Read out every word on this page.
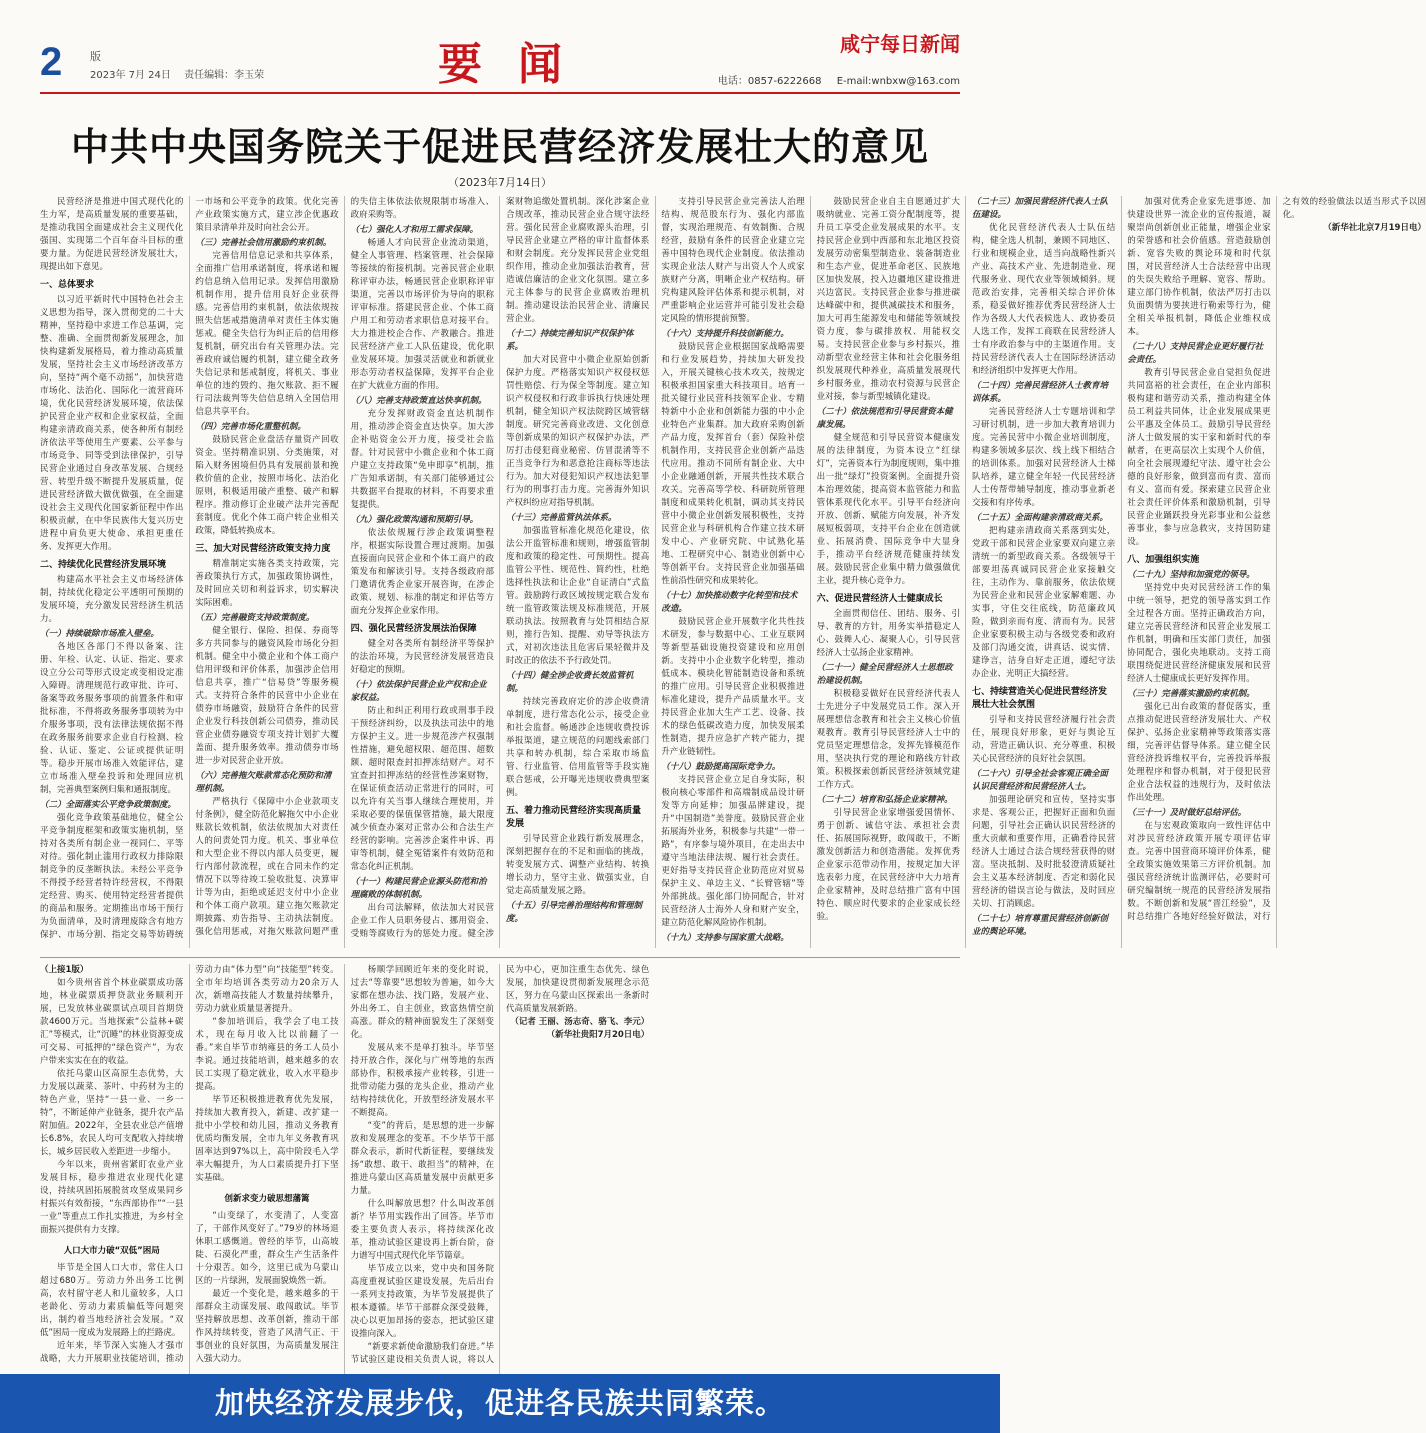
2	版
2023年 7月 24日 责任编辑：李玉荣	要闻	咸宁每日新闻
电话：0857-6222668 E-mail:wnbxw@163.com
中共中央国务院关于促进民营经济发展壮大的意见
（2023年7月14日）

民营经济是推进中国式现代化的生力军，是高质量发展的重要基础，是推动我国全面建成社会主义现代化强国、实现第二个百年奋斗目标的重要力量。为促进民营经济发展壮大，现提出如下意见。

一、总体要求

以习近平新时代中国特色社会主义思想为指导，深入贯彻党的二十大精神，坚持稳中求进工作总基调，完整、准确、全面贯彻新发展理念，加快构建新发展格局，着力推动高质量发展，坚持社会主义市场经济改革方向，坚持“两个毫不动摇”，加快营造市场化、法治化、国际化一流营商环境，优化民营经济发展环境，依法保护民营企业产权和企业家权益，全面构建亲清政商关系，使各种所有制经济依法平等使用生产要素、公平参与市场竞争、同等受到法律保护，引导民营企业通过自身改革发展、合规经营、转型升级不断提升发展质量，促进民营经济做大做优做强，在全面建设社会主义现代化国家新征程中作出积极贡献，在中华民族伟大复兴历史进程中肩负更大使命、承担更重任务、发挥更大作用。

二、持续优化民营经济发展环境

构建高水平社会主义市场经济体制，持续优化稳定公平透明可预期的发展环境，充分激发民营经济生机活力。

（一）持续破除市场准入壁垒。

各地区各部门不得以备案、注册、年检、认定、认证、指定、要求设立分公司等形式设定或变相设定准入障碍。清理规范行政审批、许可、备案等政务服务事项的前置条件和审批标准，不得将政务服务事项转为中介服务事项，没有法律法规依据不得在政务服务前要求企业自行检测、检验、认证、鉴定、公证或提供证明等。稳步开展市场准入效能评估，建立市场准入壁垒投诉和处理回应机制，完善典型案例归集和通报制度。

（二）全面落实公平竞争政策制度。

强化竞争政策基础地位，健全公平竞争制度框架和政策实施机制，坚持对各类所有制企业一视同仁、平等对待。强化制止滥用行政权力排除限制竞争的反垄断执法。未经公平竞争不得授予经营者特许经营权，不得限定经营、购买、使用特定经营者提供的商品和服务。定期推出市场干预行为负面清单，及时清理废除含有地方保护、市场分割、指定交易等妨碍统一市场和公平竞争的政策。优化完善产业政策实施方式，建立涉企优惠政策目录清单并及时向社会公开。

（三）完善社会信用激励约束机制。

完善信用信息记录和共享体系，全面推广信用承诺制度，将承诺和履约信息纳入信用记录。发挥信用激励机制作用，提升信用良好企业获得感。完善信用约束机制，依法依规按照失信惩戒措施清单对责任主体实施惩戒。健全失信行为纠正后的信用修复机制，研究出台有关管理办法。完善政府诚信履约机制，建立健全政务失信记录和惩戒制度，将机关、事业单位的违约毁约、拖欠账款、拒不履行司法裁判等失信信息纳入全国信用信息共享平台。

（四）完善市场化重整机制。

鼓励民营企业盘活存量资产回收资金。坚持精准识别、分类施策，对陷入财务困境但仍具有发展前景和挽救价值的企业，按照市场化、法治化原则，积极适用破产重整、破产和解程序。推动修订企业破产法并完善配套制度。优化个体工商户转企业相关政策，降低转换成本。

三、加大对民营经济政策支持力度

精准制定实施各类支持政策，完善政策执行方式，加强政策协调性，及时回应关切和利益诉求，切实解决实际困难。

（五）完善融资支持政策制度。

健全银行、保险、担保、券商等多方共同参与的融资风险市场化分担机制。健全中小微企业和个体工商户信用评级和评价体系，加强涉企信用信息共享，推广“信易贷”等服务模式。支持符合条件的民营中小企业在债券市场融资，鼓励符合条件的民营企业发行科技创新公司债券，推动民营企业债券融资专项支持计划扩大覆盖面、提升服务效率。推动债券市场进一步对民营企业开放。

（六）完善拖欠账款常态化预防和清理机制。

严格执行《保障中小企业款项支付条例》，健全防范化解拖欠中小企业账款长效机制，依法依规加大对责任人的问责处罚力度。机关、事业单位和大型企业不得以内部人员变更，履行内部付款流程，或在合同未作约定情况下以等待竣工验收批复、决算审计等为由，拒绝或延迟支付中小企业和个体工商户款项。建立拖欠账款定期披露、劝告指导、主动执法制度。强化信用惩戒，对拖欠账款问题严重的失信主体依法依规限制市场准入、政府采购等。

（七）强化人才和用工需求保障。

畅通人才向民营企业流动渠道，健全人事管理、档案管理、社会保障等接续的衔接机制。完善民营企业职称评审办法，畅通民营企业职称评审渠道，完善以市场评价为导向的职称评审标准。搭建民营企业、个体工商户用工和劳动者求职信息对接平台。大力推进校企合作、产教融合。推进民营经济产业工人队伍建设，优化职业发展环境。加强灵活就业和新就业形态劳动者权益保障，发挥平台企业在扩大就业方面的作用。

（八）完善支持政策直达快享机制。

充分发挥财政资金直达机制作用，推动涉企资金直达快享。加大涉企补贴资金公开力度，接受社会监督。针对民营中小微企业和个体工商户建立支持政策“免申即享”机制，推广告知承诺制，有关部门能够通过公共数据平台提取的材料，不再要求重复提供。

（九）强化政策沟通和预期引导。

依法依规履行涉企政策调整程序，根据实际设置合理过渡期。加强直接面向民营企业和个体工商户的政策发布和解读引导。支持各级政府部门邀请优秀企业家开展咨询，在涉企政策、规划、标准的制定和评估等方面充分发挥企业家作用。

四、强化民营经济发展法治保障

健全对各类所有制经济平等保护的法治环境，为民营经济发展营造良好稳定的预期。

（十）依法保护民营企业产权和企业家权益。

防止和纠正利用行政或刑事手段干预经济纠纷，以及执法司法中的地方保护主义。进一步规范涉产权强制性措施，避免超权限、超范围、超数额、超时限查封扣押冻结财产。对不宜查封扣押冻结的经营性涉案财物，在保证侦查活动正常进行的同时，可以允许有关当事人继续合理使用，并采取必要的保值保管措施，最大限度减少侦查办案对正常办公和合法生产经营的影响。完善涉企案件申诉、再审等机制，健全冤错案件有效防范和常态化纠正机制。

（十一）构建民营企业源头防范和治理腐败的体制机制。

出台司法解释，依法加大对民营企业工作人员职务侵占、挪用资金、受贿等腐败行为的惩处力度。健全涉案财物追缴处置机制。深化涉案企业合规改革，推动民营企业合规守法经营。强化民营企业腐败源头治理，引导民营企业建立严格的审计监督体系和财会制度。充分发挥民营企业党组织作用，推动企业加强法治教育，营造诚信廉洁的企业文化氛围。建立多元主体参与的民营企业腐败治理机制。推动建设法治民营企业、清廉民营企业。

（十二）持续完善知识产权保护体系。

加大对民营中小微企业原始创新保护力度。严格落实知识产权侵权惩罚性赔偿、行为保全等制度。建立知识产权侵权和行政非诉执行快速处理机制，健全知识产权法院跨区域管辖制度。研究完善商业改进、文化创意等创新成果的知识产权保护办法，严厉打击侵犯商业秘密、仿冒混淆等不正当竞争行为和恶意抢注商标等违法行为。加大对侵犯知识产权违法犯罪行为的刑事打击力度。完善海外知识产权纠纷应对指导机制。

（十三）完善监管执法体系。

加强监管标准化规范化建设，依法公开监管标准和规则，增强监管制度和政策的稳定性、可预期性。提高监管公平性、规范性、简约性，杜绝选择性执法和让企业“自证清白”式监管。鼓励跨行政区域按规定联合发布统一监管政策法规及标准规范，开展联动执法。按照教育与处罚相结合原则，推行告知、提醒、劝导等执法方式，对初次违法且危害后果轻微并及时改正的依法不予行政处罚。

（十四）健全涉企收费长效监管机制。

持续完善政府定价的涉企收费清单制度，进行常态化公示，接受企业和社会监督。畅通涉企违规收费投诉举报渠道，建立规范的问题线索部门共享和转办机制，综合采取市场监管、行业监管、信用监管等手段实施联合惩戒，公开曝光违规收费典型案例。

五、着力推动民营经济实现高质量发展

引导民营企业践行新发展理念，深刻把握存在的不足和面临的挑战，转变发展方式、调整产业结构、转换增长动力，坚守主业、做强实业，自觉走高质量发展之路。

（十五）引导完善治理结构和管理制度。

支持引导民营企业完善法人治理结构、规范股东行为、强化内部监督，实现治理规范、有效制衡、合规经营，鼓励有条件的民营企业建立完善中国特色现代企业制度。依法推动实现企业法人财产与出资人个人或家族财产分离，明晰企业产权结构。研究构建风险评估体系和提示机制，对严重影响企业运营并可能引发社会稳定风险的情形提前预警。

（十六）支持提升科技创新能力。

鼓励民营企业根据国家战略需要和行业发展趋势，持续加大研发投入，开展关键核心技术攻关，按规定积极承担国家重大科技项目。培育一批关键行业民营科技领军企业、专精特新中小企业和创新能力强的中小企业特色产业集群。加大政府采购创新产品力度，发挥首台（套）保险补偿机制作用，支持民营企业创新产品迭代应用。推动不同所有制企业、大中小企业融通创新，开展共性技术联合攻关。完善高等学校、科研院所管理制度和成果转化机制，调动其支持民营中小微企业创新发展积极性，支持民营企业与科研机构合作建立技术研发中心、产业研究院、中试熟化基地、工程研究中心、制造业创新中心等创新平台。支持民营企业加强基础性前沿性研究和成果转化。

（十七）加快推动数字化转型和技术改造。

鼓励民营企业开展数字化共性技术研发，参与数据中心、工业互联网等新型基础设施投资建设和应用创新。支持中小企业数字化转型，推动低成本、模块化智能制造设备和系统的推广应用。引导民营企业积极推进标准化建设，提升产品质量水平。支持民营企业加大生产工艺、设备、技术的绿色低碳改造力度，加快发展柔性制造，提升应急扩产转产能力，提升产业链韧性。

（十八）鼓励提高国际竞争力。

支持民营企业立足自身实际，积极向核心零部件和高端制成品设计研发等方向延伸；加强品牌建设，提升“中国制造”美誉度。鼓励民营企业拓展海外业务，积极参与共建“一带一路”，有序参与境外项目，在走出去中遵守当地法律法规、履行社会责任。更好指导支持民营企业防范应对贸易保护主义、单边主义、“长臂管辖”等外部挑战。强化部门协同配合，针对民营经济人士海外人身和财产安全，建立防范化解风险协作机制。

（十九）支持参与国家重大战略。

鼓励民营企业自主自愿通过扩大吸纳就业、完善工资分配制度等，提升员工享受企业发展成果的水平。支持民营企业到中西部和东北地区投资发展劳动密集型制造业、装备制造业和生态产业，促进革命老区、民族地区加快发展，投入边疆地区建设推进兴边富民。支持民营企业参与推进碳达峰碳中和，提供减碳技术和服务，加大可再生能源发电和储能等领域投资力度，参与碳排放权、用能权交易。支持民营企业参与乡村振兴，推动新型农业经营主体和社会化服务组织发展现代种养业，高质量发展现代乡村服务业，推动农村资源与民营企业对接，参与新型城镇化建设。

（二十）依法规范和引导民营资本健康发展。

健全规范和引导民营资本健康发展的法律制度，为资本设立“红绿灯”，完善资本行为制度规则，集中推出一批“绿灯”投资案例。全面提升资本治理效能，提高资本监管能力和监管体系现代化水平。引导平台经济向开放、创新、赋能方向发展，补齐发展短板弱项，支持平台企业在创造就业、拓展消费、国际竞争中大显身手，推动平台经济规范健康持续发展。鼓励民营企业集中精力做强做优主业，提升核心竞争力。

六、促进民营经济人士健康成长

全面贯彻信任、团结、服务、引导、教育的方针，用务实举措稳定人心、鼓舞人心、凝聚人心，引导民营经济人士弘扬企业家精神。

（二十一）健全民营经济人士思想政治建设机制。

积极稳妥做好在民营经济代表人士先进分子中发展党员工作。深入开展理想信念教育和社会主义核心价值观教育。教育引导民营经济人士中的党员坚定理想信念，发挥先锋模范作用，坚决执行党的理论和路线方针政策。积极探索创新民营经济领域党建工作方式。

（二十二）培育和弘扬企业家精神。

引导民营企业家增强爱国情怀、勇于创新、诚信守法、承担社会责任、拓展国际视野，敢闯敢干，不断激发创新活力和创造潜能。发挥优秀企业家示范带动作用，按规定加大评选表彰力度，在民营经济中大力培育企业家精神，及时总结推广富有中国特色、顺应时代要求的企业家成长经验。

（二十三）加强民营经济代表人士队伍建设。

优化民营经济代表人士队伍结构，健全选人机制，兼顾不同地区、行业和规模企业，适当向战略性新兴产业、高技术产业、先进制造业、现代服务业、现代农业等领域倾斜。规范政治安排，完善相关综合评价体系，稳妥做好推荐优秀民营经济人士作为各级人大代表候选人、政协委员人选工作，发挥工商联在民营经济人士有序政治参与中的主渠道作用。支持民营经济代表人士在国际经济活动和经济组织中发挥更大作用。

（二十四）完善民营经济人士教育培训体系。

完善民营经济人士专题培训和学习研讨机制，进一步加大教育培训力度。完善民营中小微企业培训制度，构建多领域多层次、线上线下相结合的培训体系。加强对民营经济人士梯队培养，建立健全年轻一代民营经济人士传帮带辅导制度，推动事业新老交接和有序传承。

（二十五）全面构建亲清政商关系。

把构建亲清政商关系落到实处，党政干部和民营企业家要双向建立亲清统一的新型政商关系。各级领导干部要坦荡真诚同民营企业家接触交往，主动作为、靠前服务，依法依规为民营企业和民营企业家解难题、办实事，守住交往底线，防范廉政风险，做到亲而有度、清而有为。民营企业家要积极主动与各级党委和政府及部门沟通交流，讲真话、说实情、建诤言，洁身自好走正道，遵纪守法办企业、光明正大搞经营。

七、持续营造关心促进民营经济发展壮大社会氛围

引导和支持民营经济履行社会责任，展现良好形象，更好与舆论互动，营造正确认识、充分尊重、积极关心民营经济的良好社会氛围。

（二十六）引导全社会客观正确全面认识民营经济和民营经济人士。

加强理论研究和宣传，坚持实事求是、客观公正，把握好正面和负面问题，引导社会正确认识民营经济的重大贡献和重要作用，正确看待民营经济人士通过合法合规经营获得的财富。坚决抵制、及时批驳澄清质疑社会主义基本经济制度、否定和弱化民营经济的错误言论与做法，及时回应关切、打消顾虑。

（二十七）培育尊重民营经济创新创业的舆论环境。

加强对优秀企业家先进事迹、加快建设世界一流企业的宣传报道，凝聚崇尚创新创业正能量，增强企业家的荣誉感和社会价值感。营造鼓励创新、宽容失败的舆论环境和时代氛围，对民营经济人士合法经营中出现的失误失败给予理解、宽容、帮助。建立部门协作机制，依法严厉打击以负面舆情为要挟进行勒索等行为，健全相关举报机制，降低企业维权成本。

（二十八）支持民营企业更好履行社会责任。

教育引导民营企业自觉担负促进共同富裕的社会责任，在企业内部积极构建和谐劳动关系，推动构建全体员工利益共同体，让企业发展成果更公平惠及全体员工。鼓励引导民营经济人士做发展的实干家和新时代的奉献者，在更高层次上实现个人价值，向全社会展现遵纪守法、遵守社会公德的良好形象，做到富而有责、富而有义、富而有爱。探索建立民营企业社会责任评价体系和激励机制，引导民营企业踊跃投身光彩事业和公益慈善事业，参与应急救灾，支持国防建设。

八、加强组织实施
（二十九）坚持和加强党的领导。

坚持党中央对民营经济工作的集中统一领导，把党的领导落实到工作全过程各方面。坚持正确政治方向，建立完善民营经济和民营企业发展工作机制，明确和压实部门责任，加强协同配合，强化央地联动。支持工商联围绕促进民营经济健康发展和民营经济人士健康成长更好发挥作用。

（三十）完善落实激励约束机制。

强化已出台政策的督促落实，重点推动促进民营经济发展壮大、产权保护、弘扬企业家精神等政策落实落细，完善评估督导体系。建立健全民营经济投诉维权平台，完善投诉举报处理程序和督办机制，对于侵犯民营企业合法权益的违规行为，及时依法作出处理。

（三十一）及时做好总结评估。

在与宏观政策取向一致性评估中对涉民营经济政策开展专项评估审查。完善中国营商环境评价体系，健全政策实施效果第三方评价机制。加强民营经济统计监测评估，必要时可研究编制统一规范的民营经济发展指数。不断创新和发展“晋江经验”，及时总结推广各地好经验好做法，对行之有效的经验做法以适当形式予以固化。

（新华社北京7月19日电）

（上接1版）

如今贵州省首个林业碳票成功落地，林业碳票质押贷款业务顺利开展，已发放林业碳票试点项目首期贷款4600万元。当地探索“公益林+碳汇”等模式，让“沉睡”的林业资源变成可交易、可抵押的“绿色资产”，为农户带来实实在在的收益。

依托乌蒙山区高原生态优势，大力发展以蔬菜、茶叶、中药材为主的特色产业，坚持“一县一业、一乡一特”，不断延伸产业链条，提升农产品附加值。2022年，全县农业总产值增长6.8%，农民人均可支配收入持续增长，城乡居民收入差距进一步缩小。

今年以来，贵州省紧盯农业产业发展目标，稳步推进农业现代化建设，持续巩固拓展脱贫攻坚成果同乡村振兴有效衔接，“东西部协作”“一县一业”等重点工作扎实推进，为乡村全面振兴提供有力支撑。

人口大市力破“双低”困局

毕节是全国人口大市，常住人口超过680万。劳动力外出务工比例高，农村留守老人和儿童较多，人口老龄化、劳动力素质偏低等问题突出，制约着当地经济社会发展。“双低”困局一度成为发展路上的拦路虎。

近年来，毕节深入实施人才强市战略，大力开展职业技能培训，推动劳动力由“体力型”向“技能型”转变。全市年均培训各类劳动力20余万人次，新增高技能人才数量持续攀升，劳动力就业质量显著提升。

“参加培训后，我学会了电工技术，现在每月收入比以前翻了一番。”来自毕节市纳雍县的务工人员小李说。通过技能培训，越来越多的农民工实现了稳定就业，收入水平稳步提高。

毕节还积极推进教育优先发展，持续加大教育投入，新建、改扩建一批中小学校和幼儿园，推动义务教育优质均衡发展，全市九年义务教育巩固率达到97%以上，高中阶段毛入学率大幅提升，为人口素质提升打下坚实基础。

创新求变力破思想藩篱

“山变绿了，水变清了，人变富了，干部作风变好了。”79岁的林场退休职工感慨道。曾经的毕节，山高坡陡、石漠化严重，群众生产生活条件十分艰苦。如今，这里已成为乌蒙山区的一片绿洲，发展面貌焕然一新。

最近一个变化是，越来越多的干部群众主动谋发展、敢闯敢试。毕节坚持解放思想、改革创新，推动干部作风持续转变，营造了风清气正、干事创业的良好氛围，为高质量发展注入强大动力。

杨顺学回顾近年来的变化时说，过去“等靠要”思想较为普遍，如今大家都在想办法、找门路，发展产业、外出务工、自主创业，致富热情空前高涨。群众的精神面貌发生了深刻变化。

发展从来不是单打独斗。毕节坚持开放合作，深化与广州等地的东西部协作，积极承接产业转移，引进一批带动能力强的龙头企业，推动产业结构持续优化，开放型经济发展水平不断提高。

“变”的背后，是思想的进一步解放和发展理念的变革。不少毕节干部群众表示，新时代新征程，要继续发扬“敢想、敢干、敢担当”的精神，在推进乌蒙山区高质量发展中贡献更多力量。

什么叫解放思想？什么叫改革创新？毕节用实践作出了回答。毕节市委主要负责人表示，将持续深化改革，推动试验区建设再上新台阶，奋力谱写中国式现代化毕节篇章。

毕节成立以来，党中央和国务院高度重视试验区建设发展，先后出台一系列支持政策，为毕节发展提供了根本遵循。毕节干部群众深受鼓舞，决心以更加昂扬的姿态，把试验区建设推向深入。

“新要求新使命激励我们奋进。”毕节试验区建设相关负责人说，将以人民为中心，更加注重生态优先、绿色发展，加快建设贯彻新发展理念示范区，努力在乌蒙山区探索出一条新时代高质量发展新路。

（记者 王丽、汤志奇、骆飞、李元）

（新华社贵阳7月20日电）

加快经济发展步伐，促进各民族共同繁荣。
